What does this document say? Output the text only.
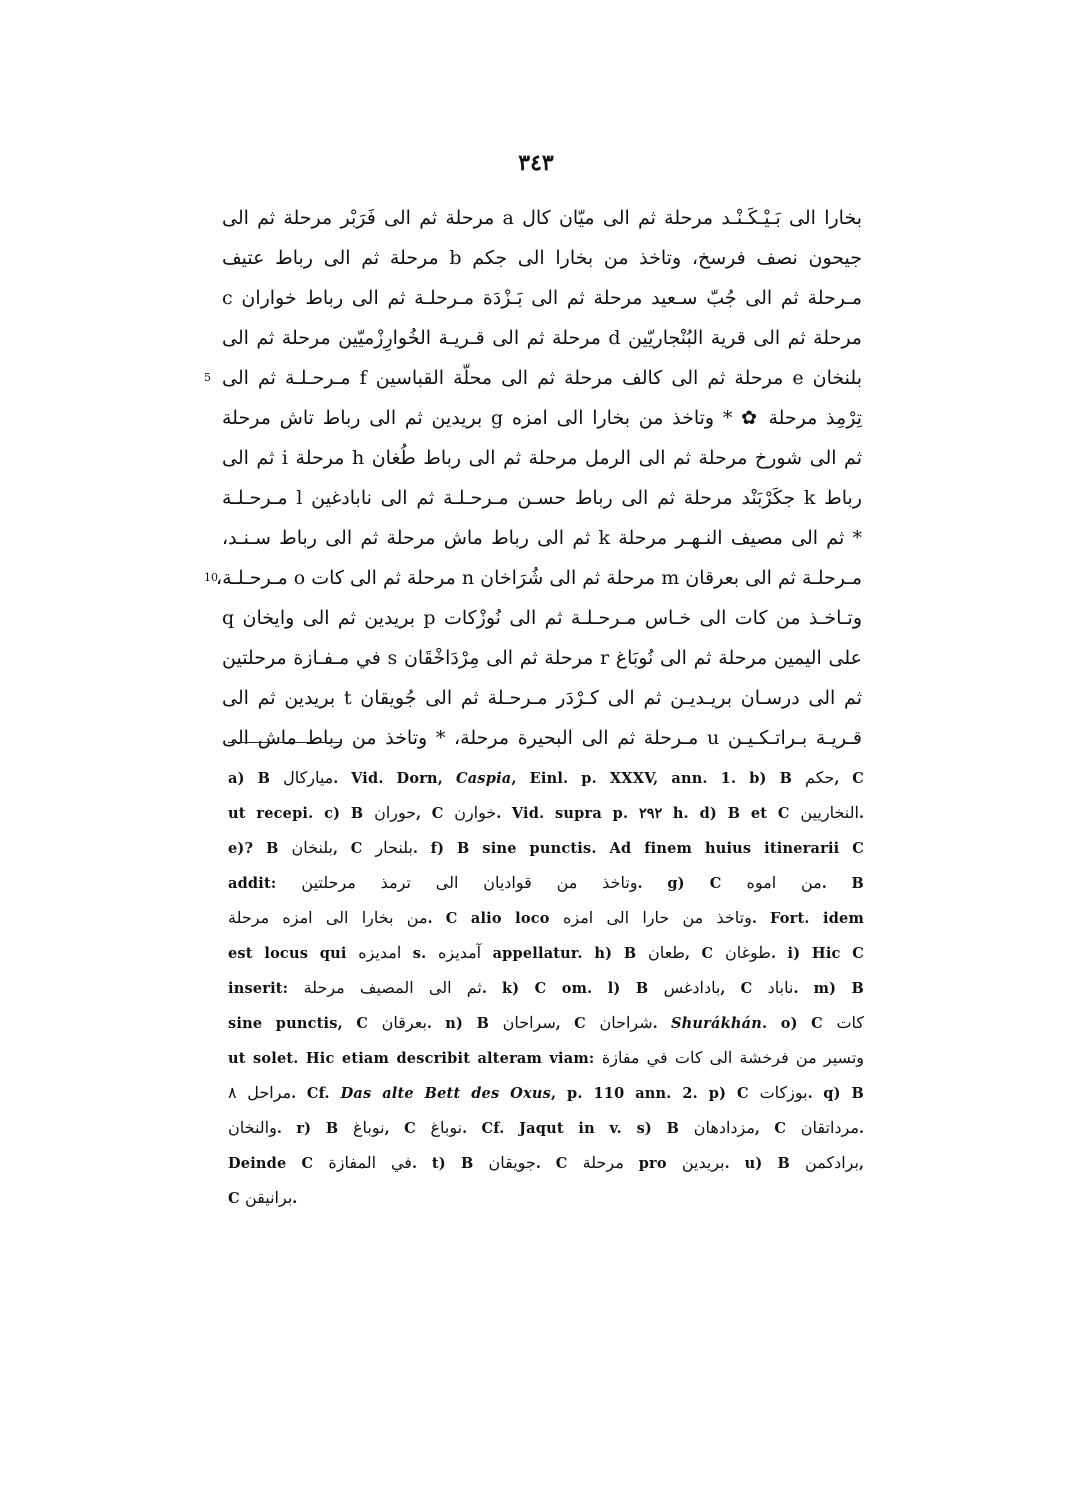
٣٤٣
بخارا الى بَـيْـكَـنْـد مرحلة ثم الى ميّان كال a مرحلة ثم الى فَرَبْر مرحلة ثم الى
جيحون نصف فرسخ، وتاخذ من بخارا الى جكم b مرحلة ثم الى رباط عتيف
مـرحلة ثم الى جُبّ سـعيد مرحلة ثم الى بَـزْدَة مـرحلـة ثم الى رباط خواران c
مرحلة ثم الى قرية البُنْجاريّين d مرحلة ثم الى قـريـة الخُوارِزْميّين مرحلة ثم الى
بلنخان e مرحلة ثم الى كالف مرحلة ثم الى محلّة القباسين f مـرحـلـة ثم الى
5
تِرْمِذ مرحلة ✿ * وتاخذ من بخارا الى امزه g بريدين ثم الى رباط تاش مرحلة
ثم الى شورخ مرحلة ثم الى الرمل مرحلة ثم الى رباط طُغان h مرحلة i ثم الى
رباط k جكَرْبَنْد مرحلة ثم الى رباط حسـن مـرحـلـة ثم الى نابادغين l مـرحـلـة
* ثم الى مصيف النـهـر مرحلة k ثم الى رباط ماش مرحلة ثم الى رباط سـنـد،
مـرحلـة ثم الى بعرقان m مرحلة ثم الى شُرَاخان n مرحلة ثم الى كات o مـرحـلـة،
10
وتـاخـذ من كات الى خـاس مـرحـلـة ثم الى نُوزْكات p بريدين ثم الى وايخان q
على اليمين مرحلة ثم الى نُوبَاغ r مرحلة ثم الى مِرْدَاخْقَان s في مـفـازة مرحلتين
ثم الى درسـان بريـديـن ثم الى كـرْدَر مـرحـلة ثم الى جُويقان t بريدين ثم الى
قـريـة بـراتـكـيـن u مـرحلة ثم الى البحيرة مرحلة، * وتاخذ من رباط ماش الى
a) B ميارکال. Vid. Dorn, Caspia, Einl. p. XXXV, ann. 1. b) B حکم, C
ut recepi. c) B حوران, C خوارن. Vid. supra p. ٢٩٢ h. d) B et C النخاريين.
e)? B بلنخان, C بلنحار. f) B sine punctis. Ad finem huius itinerarii C
addit: وتاخذ من قواديان الى ترمذ مرحلتين. g) C من اموه. B
من بخارا الى امزه مرحلة. C alio loco وتاخذ من حارا الى امزه. Fort. idem
est locus qui امديزه s. آمديزه appellatur. h) B طعان, C طوغان. i) Hic C
inserit: ثم الى المصيف مرحلة. k) C om. l) B بادادغس, C ناباد. m) B
sine punctis, C بعرقان. n) B سراحان, C شراحان. Shurákhán. o) C كات
ut solet. Hic etiam describit alteram viam: وتسير من فرخشة الى كات في مفازة
مراحل ٨. Cf. Das alte Bett des Oxus, p. 110 ann. 2. p) C بوزكات. q) B
والنخان. r) B نوباغ, C نوباغ. Cf. Jaqut in v. s) B مزدادهان, C مرداتقان.
Deinde C في المفازة. t) B جويقان. C مرحلة pro بريدين. u) B برادكمن,
C برانيقن.
